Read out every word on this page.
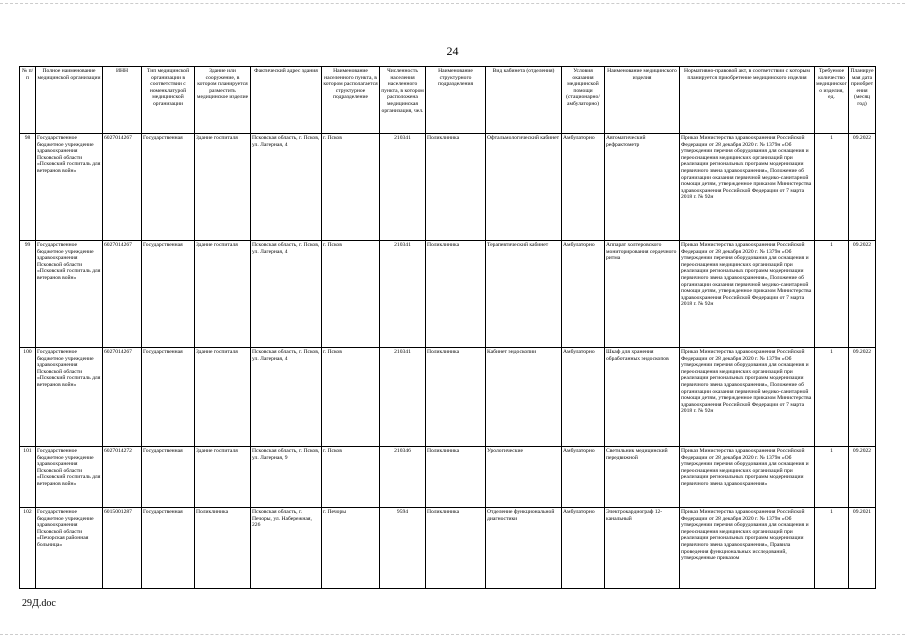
24
№ п/п	Полное наименование медицинской организации	ИНН	Тип медицинской организации в соответствии с номенклатурой медицинской организации	Здание или сооружение, в котором планируется разместить медицинское изделие	Фактический адрес здания	Наименование населенного пункта, в котором располагается структурное подразделение	Численность населения населенного пункта, в котором расположена медицинская организация, чел.	Наименование структурного подразделения	Вид кабинета (отделения)	Условия оказания медицинской помощи (стационарно/амбулаторно)	Наименование медицинского изделия	Нормативно-правовой акт, в соответствии с которым планируется приобретение медицинского изделия	Требуемое количество медицинского изделия, ед.	Планируемая дата приобретения (месяц год)
98	Государственное бюджетное учреждение здравоохранения Псковской области «Псковский госпиталь для ветеранов войн»	6027014267	Государственная	Здание госпиталя	Псковская область, г. Псков, ул. Лагерная, 4	г. Псков	210341	Поликлиника	Офтальмологический кабинет	Амбулаторно	Автоматический рефрактометр	Приказ Министерства здравоохранения Российской Федерации от 28 декабря 2020 г. № 1379н «Об утверждении перечня оборудования для оснащения и переоснащения медицинских организаций при реализации региональных программ модернизации первичного звена здравоохранения», Положение об организации оказания первичной медико-санитарной помощи детям, утвержденное приказом Министерства здравоохранения Российской Федерации от 7 марта 2018 г. № 92н	1	09.2022
99	Государственное бюджетное учреждение здравоохранения Псковской области «Псковский госпиталь для ветеранов войн»	6027014267	Государственная	Здание госпиталя	Псковская область, г. Псков, ул. Лагерная, 4	г. Псков	210341	Поликлиника	Терапевтический кабинет	Амбулаторно	Аппарат холтеровского мониторирования сердечного ритма	Приказ Министерства здравоохранения Российской Федерации от 28 декабря 2020 г. № 1379н «Об утверждении перечня оборудования для оснащения и переоснащения медицинских организаций при реализации региональных программ модернизации первичного звена здравоохранения», Положение об организации оказания первичной медико-санитарной помощи детям, утвержденное приказом Министерства здравоохранения Российской Федерации от 7 марта 2018 г. № 92н	1	09.2022
100	Государственное бюджетное учреждение здравоохранения Псковской области «Псковский госпиталь для ветеранов войн»	6027014267	Государственная	Здание госпиталя	Псковская область, г. Псков, ул. Лагерная, 4	г. Псков	210341	Поликлиника	Кабинет эндоскопии	Амбулаторно	Шкаф для хранения обработанных эндоскопов	Приказ Министерства здравоохранения Российской Федерации от 28 декабря 2020 г. № 1379н «Об утверждении перечня оборудования для оснащения и переоснащения медицинских организаций при реализации региональных программ модернизации первичного звена здравоохранения», Положение об организации оказания первичной медико-санитарной помощи детям, утвержденное приказом Министерства здравоохранения Российской Федерации от 7 марта 2018 г. № 92н	1	09.2022
101	Государственное бюджетное учреждение здравоохранения Псковской области «Псковский госпиталь для ветеранов войн»	6027014272	Государственная	Здание госпиталя	Псковская область, г. Псков, ул. Лагерная, 9	г. Псков	210346	Поликлиника	Урологические	Амбулаторно	Светильник медицинский передвижной	Приказ Министерства здравоохранения Российской Федерации от 28 декабря 2020 г. № 1379н «Об утверждении перечня оборудования для оснащения и переоснащения медицинских организаций при реализации региональных программ модернизации первичного звена здравоохранения»	1	09.2022
102	Государственное бюджетное учреждение здравоохранения Псковской области «Печорская районная больница»	6015001287	Государственная	Поликлиника	Псковская область, г. Печоры, ул. Набережная, 226	г. Печоры	9594	Поликлиника	Отделение функциональной диагностики	Амбулаторно	Электрокардиограф 12-канальный	Приказ Министерства здравоохранения Российской Федерации от 28 декабря 2020 г. № 1379н «Об утверждении перечня оборудования для оснащения и переоснащения медицинских организаций при реализации региональных программ модернизации первичного звена здравоохранения», Правила проведения функциональных исследований, утвержденные приказом	1	09.2021
29Д.doc
